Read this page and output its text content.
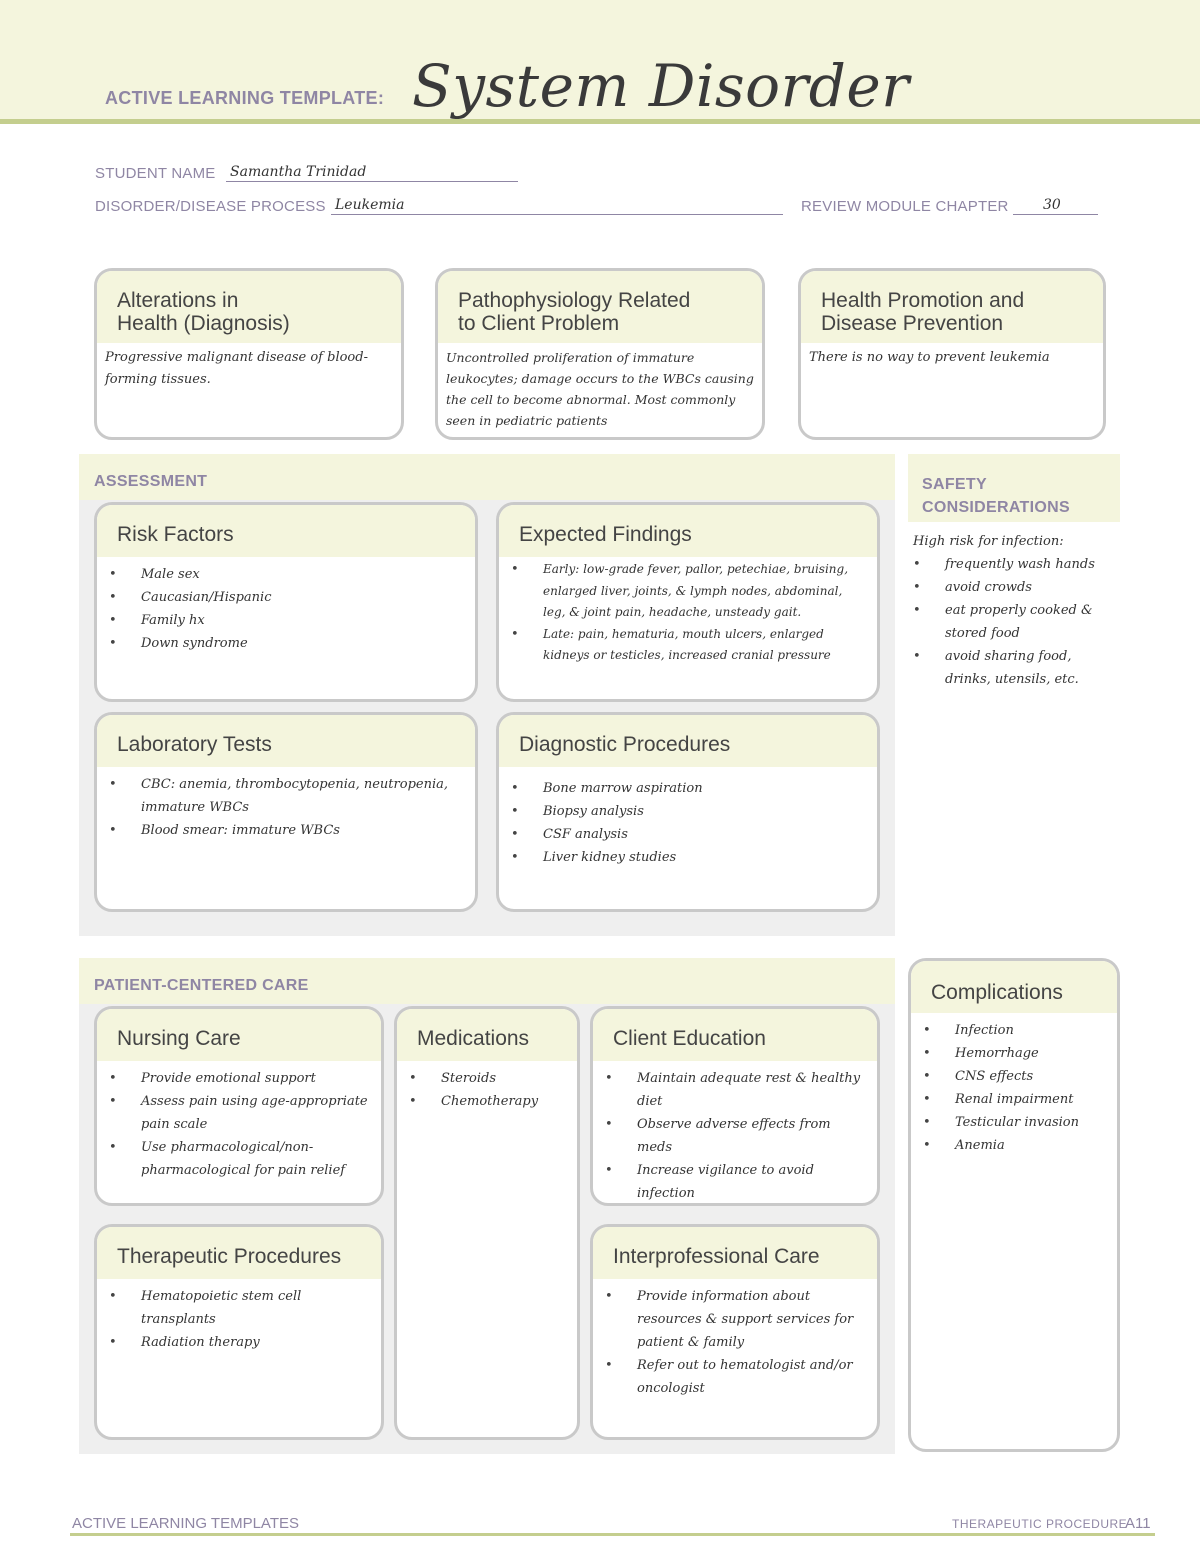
ACTIVE LEARNING TEMPLATE: System Disorder
STUDENT NAME Samantha Trinidad
DISORDER/DISEASE PROCESS Leukemia	REVIEW MODULE CHAPTER 30
Alterations in
Health (Diagnosis)

Progressive malignant disease of blood-forming tissues.

Pathophysiology Related
to Client Problem

Uncontrolled proliferation of immature leukocytes; damage occurs to the WBCs causing the cell to become abnormal. Most commonly seen in pediatric patients

Health Promotion and
Disease Prevention

There is no way to prevent leukemia

ASSESSMENT
Risk Factors
• Male sex
• Caucasian/Hispanic
• Family hx
• Down syndrome
Expected Findings
• Early: low-grade fever, pallor, petechiae, bruising, enlarged liver, joints, & lymph nodes, abdominal, leg, & joint pain, headache, unsteady gait.
• Late: pain, hematuria, mouth ulcers, enlarged kidneys or testicles, increased cranial pressure
Laboratory Tests
• CBC: anemia, thrombocytopenia, neutropenia, immature WBCs
• Blood smear: immature WBCs
Diagnostic Procedures
• Bone marrow aspiration
• Biopsy analysis
• CSF analysis
• Liver kidney studies
SAFETY
CONSIDERATIONS
High risk for infection:
• frequently wash hands
• avoid crowds
• eat properly cooked & stored food
• avoid sharing food, drinks, utensils, etc.
PATIENT-CENTERED CARE
Nursing Care
• Provide emotional support
• Assess pain using age-appropriate pain scale
• Use pharmacological/non-pharmacological for pain relief
Medications
• Steroids
• Chemotherapy
Client Education
• Maintain adequate rest & healthy diet
• Observe adverse effects from meds
• Increase vigilance to avoid infection
Therapeutic Procedures
• Hematopoietic stem cell transplants
• Radiation therapy
Interprofessional Care
• Provide information about resources & support services for patient & family
• Refer out to hematologist and/or oncologist
Complications
• Infection
• Hemorrhage
• CNS effects
• Renal impairment
• Testicular invasion
• Anemia
ACTIVE LEARNING TEMPLATES	THERAPEUTIC PROCEDURE
A11
